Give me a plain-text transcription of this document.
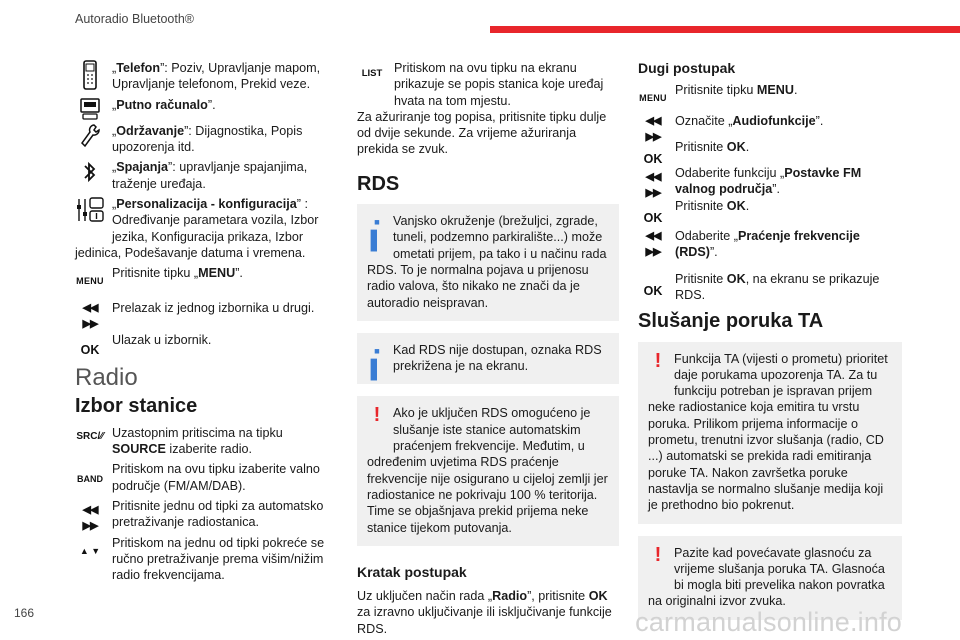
Autoradio Bluetooth®
„Telefon”: Poziv, Upravljanje mapom, Upravljanje telefonom, Prekid veze.
„Putno računalo”.
„Održavanje”: Dijagnostika, Popis upozorenja itd.
„Spajanja”: upravljanje spajanjima, traženje uređaja.
„Personalizacija - konfiguracija” : Određivanje parametara vozila, Izbor jezika, Konfiguracija prikaza, Izbor jedinica, Podešavanje datuma i vremena.
MENU
Pritisnite tipku „MENU”.
◀◀ ▶▶
Prelazak iz jednog izbornika u drugi.
OK
Ulazak u izbornik.
Radio
Izbor stanice
SRC/⁄⁄ Uzastopnim pritiscima na tipku SOURCE izaberite radio.
BAND
Pritiskom na ovu tipku izaberite valno područje (FM/AM/DAB).
◀◀ ▶▶
Pritisnite jednu od tipki za automatsko pretraživanje radiostanica.
▲ ▼
Pritiskom na jednu od tipki pokreće se ručno pretraživanje prema višim/nižim radio frekvencijama.
LIST Pritiskom na ovu tipku na ekranu prikazuje se popis stanica koje uređaj hvata na tom mjestu.
Za ažuriranje tog popisa, pritisnite tipku dulje od dvije sekunde. Za vrijeme ažuriranja prekida se zvuk.
RDS
▪
▌
Vanjsko okruženje (brežuljci, zgrade, tuneli, podzemno parkiralište...) može ometati prijem, pa tako i u načinu rada RDS. To je normalna pojava u prijenosu radio valova, što nikako ne znači da je autoradio neispravan.
▪
▌
Kad RDS nije dostupan, oznaka RDS prekrižena je na ekranu.
!	Ako je uključen RDS omogućeno je slušanje iste stanice automatskim praćenjem frekvencije. Međutim, u određenim uvjetima RDS praćenje frekvencije nije osigurano u cijeloj zemlji jer radiostanice ne pokrivaju 100 % teritorija. Time se objašnjava prekid prijema neke stanice tijekom putovanja.
Kratak postupak
Uz uključen način rada „Radio”, pritisnite OK za izravno uključivanje ili isključivanje funkcije RDS.
Dugi postupak
MENU
Pritisnite tipku MENU.
◀◀ ▶▶
Označite „Audiofunkcije”.
OK
Pritisnite OK.
◀◀ ▶▶
Odaberite funkciju „Postavke FM valnog područja”.
OK
Pritisnite OK.
◀◀ ▶▶
Odaberite „Praćenje frekvencije (RDS)”.
OK
Pritisnite OK, na ekranu se prikazuje RDS.
Slušanje poruka TA
!	Funkcija TA (vijesti o prometu) prioritet daje porukama upozorenja TA. Za tu funkciju potreban je ispravan prijem neke radiostanice koja emitira tu vrstu poruka. Prilikom prijema informacije o prometu, trenutni izvor slušanja (radio, CD ...) automatski se prekida radi emitiranja poruke TA. Nakon završetka poruke nastavlja se normalno slušanje medija koji je prethodno bio pokrenut.
!	Pazite kad povećavate glasnoću za vrijeme slušanja poruka TA. Glasnoća bi mogla biti prevelika nakon povratka na originalni izvor zvuka.
166	carmanualsonline.info
